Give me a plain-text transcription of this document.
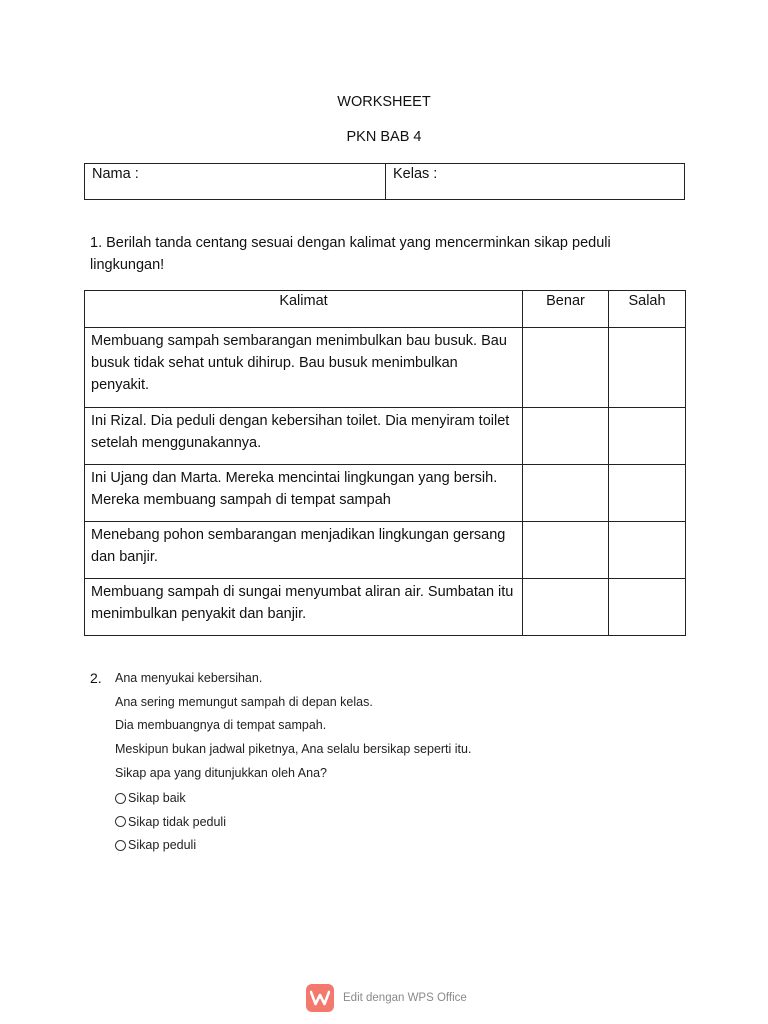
WORKSHEET
PKN BAB 4
Nama :	Kelas :

1. Berilah tanda centang sesuai dengan kalimat yang mencerminkan sikap peduli lingkungan!

Kalimat	Benar	Salah
Membuang sampah sembarangan menimbulkan bau busuk. Bau busuk tidak sehat untuk dihirup. Bau busuk menimbulkan penyakit.		
Ini Rizal. Dia peduli dengan kebersihan toilet. Dia menyiram toilet setelah menggunakannya.		
Ini Ujang dan Marta. Mereka mencintai lingkungan yang bersih. Mereka membuang sampah di tempat sampah		
Menebang pohon sembarangan menjadikan lingkungan gersang dan banjir.		
Membuang sampah di sungai menyumbat aliran air. Sumbatan itu menimbulkan penyakit dan banjir.		
2. Ana menyukai kebersihan.
Ana sering memungut sampah di depan kelas.
Dia membuangnya di tempat sampah.
Meskipun bukan jadwal piketnya, Ana selalu bersikap seperti itu.
Sikap apa yang ditunjukkan oleh Ana?
Sikap baik
Sikap tidak peduli
Sikap peduli
Edit dengan WPS Office
